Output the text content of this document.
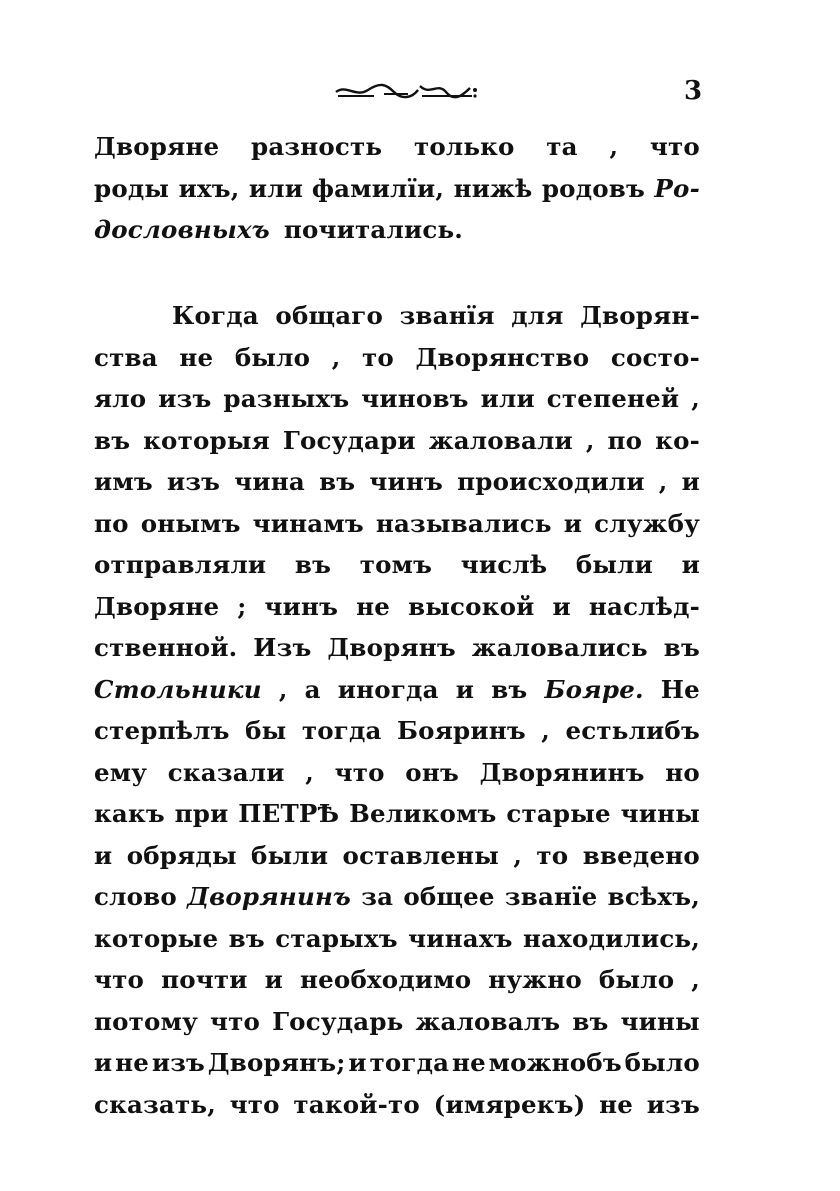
3
Дворяне разность только та , что
роды ихъ, или фамилїи, нижѣ родовъ Ро-
дословныхъ почитались.
Когда общаго званїя для Дворян-
ства не было , то Дворянство состо-
яло изъ разныхъ чиновъ или степеней ,
въ которыя Государи жаловали , по ко-
имъ изъ чина въ чинъ происходили , и
по онымъ чинамъ назывались и службу
отправляли въ томъ числѣ были и
Дворяне ; чинъ не высокой и наслѣд-
ственной. Изъ Дворянъ жаловались въ
Стольники , а иногда и въ Бояре. Не
стерпѣлъ бы тогда Бояринъ , естьлибъ
ему сказали , что онъ Дворянинъ но
какъ при ПЕТРѢ Великомъ старые чины
и обряды были оставлены , то введено
слово Дворянинъ за общее званїе всѣхъ,
которые въ старыхъ чинахъ находились,
что почти и необходимо нужно было ,
потому что Государь жаловалъ въ чины
и не изъ Дворянъ; и тогда не можнобъ было
сказать, что такой-то (имярекъ) не изъ
